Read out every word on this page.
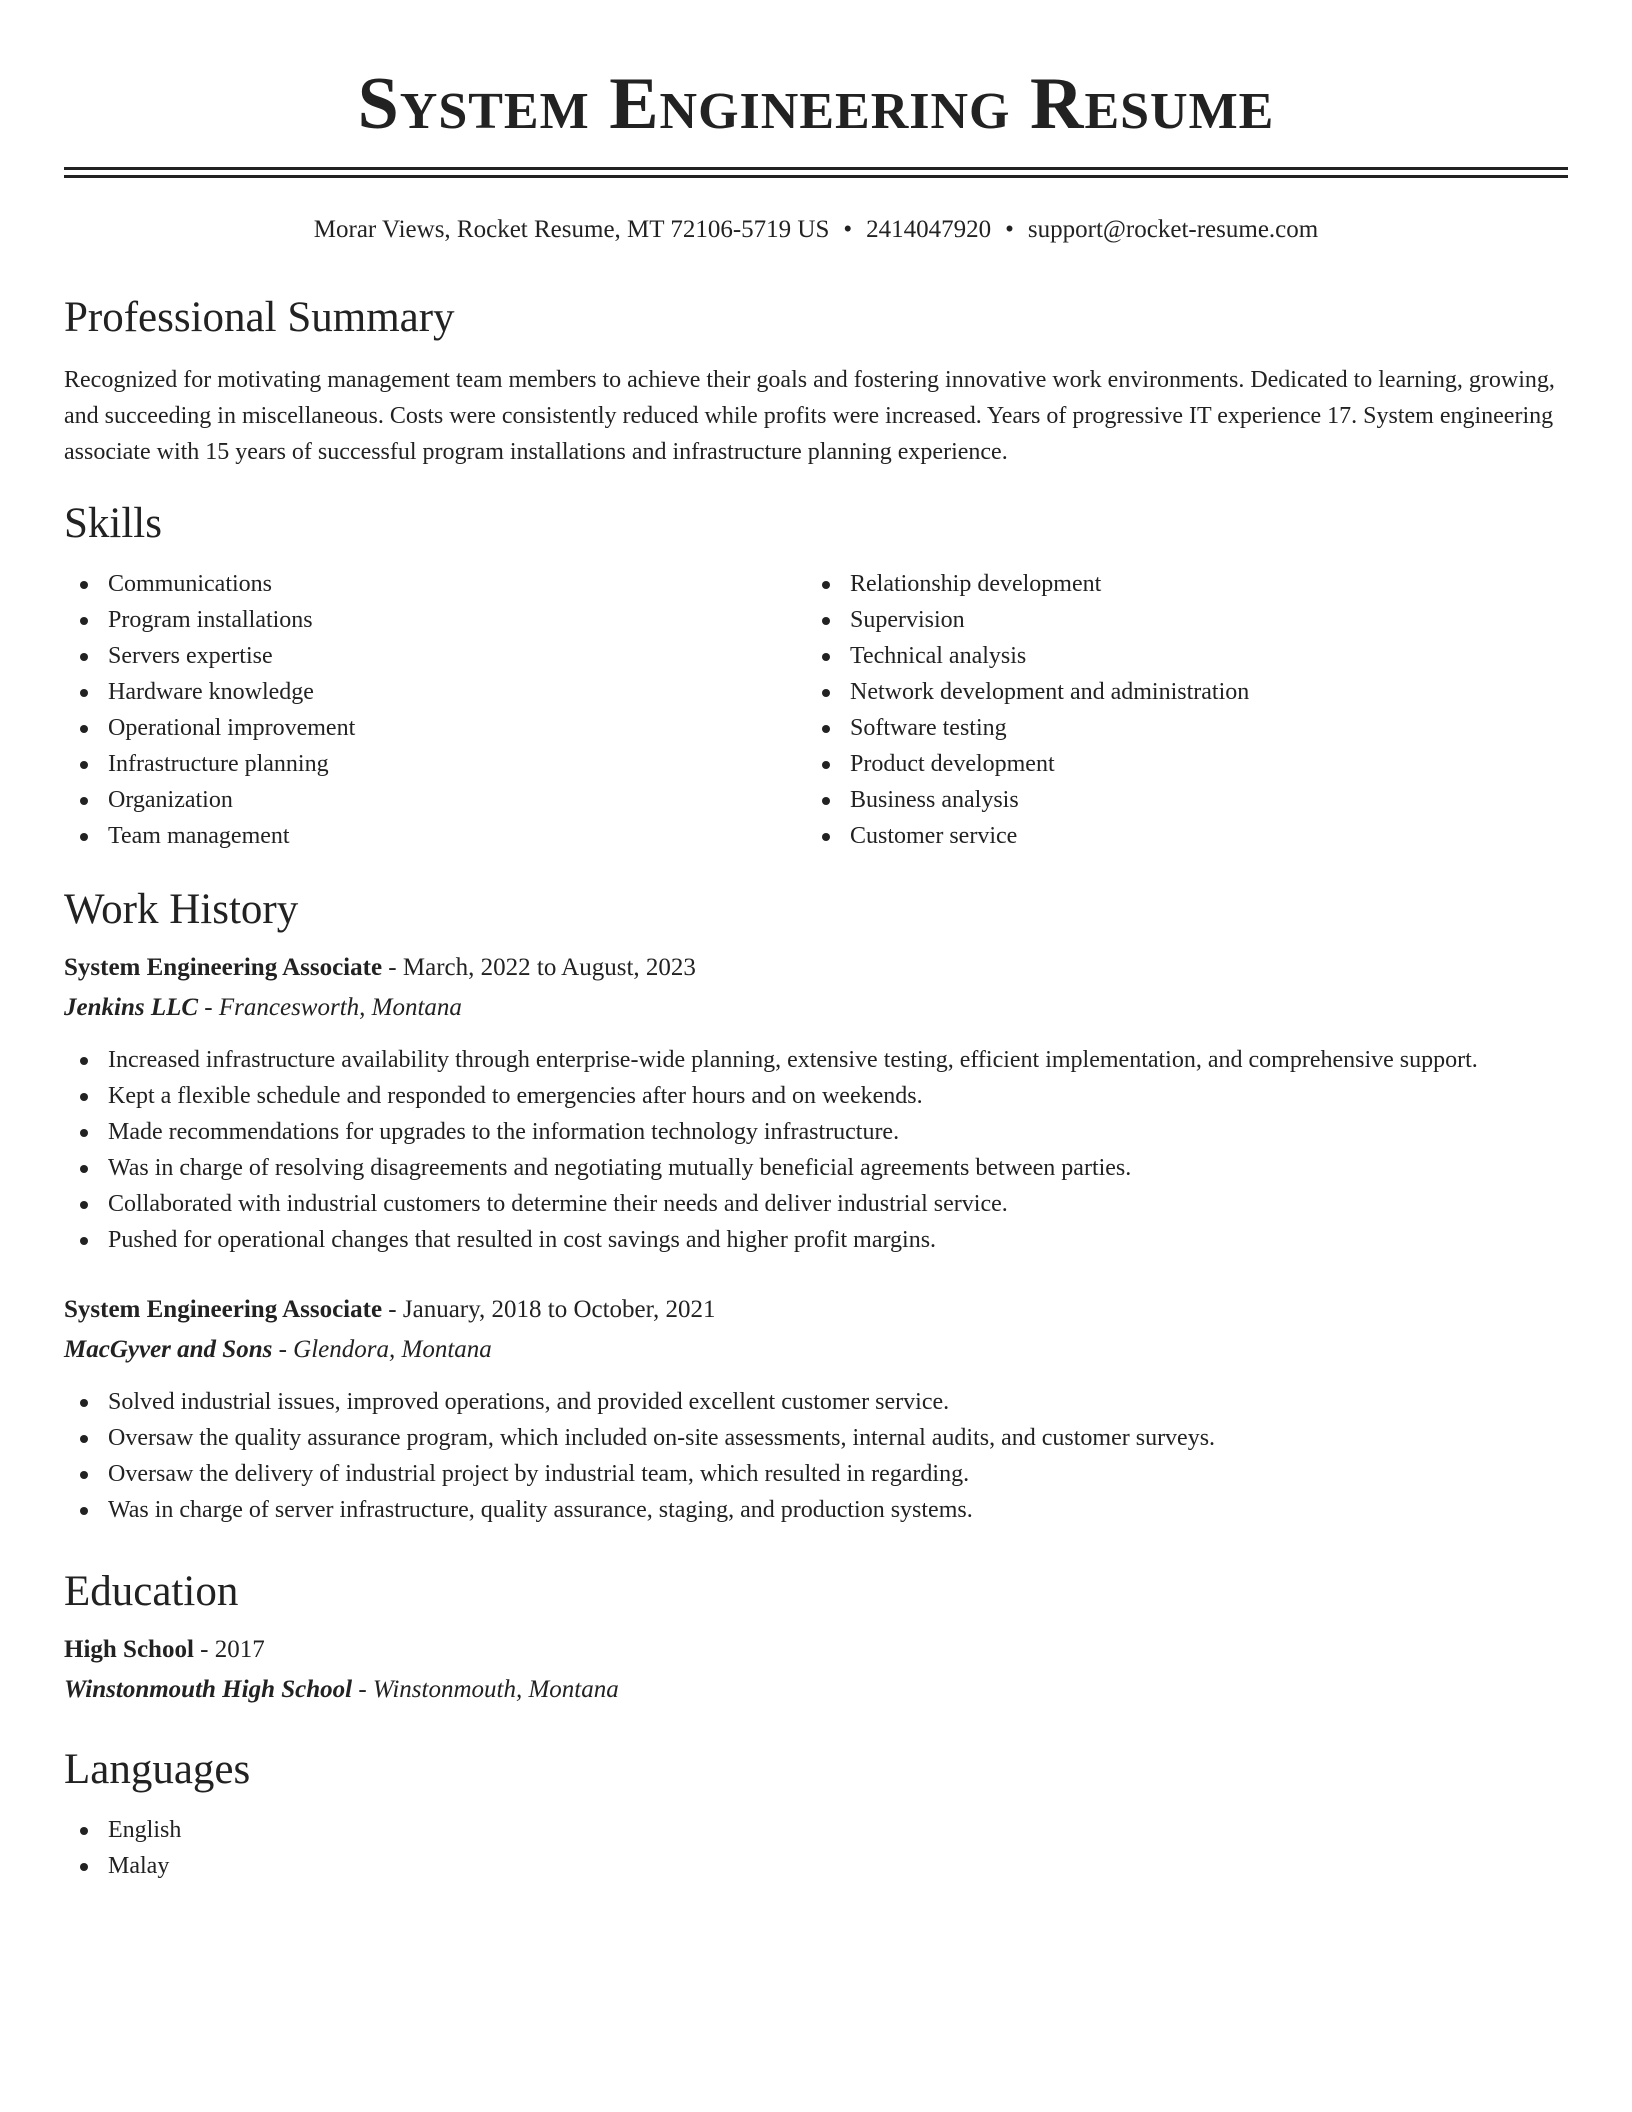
System Engineering Resume
Morar Views, Rocket Resume, MT 72106-5719 US • 2414047920 • support@rocket-resume.com
Professional Summary
Recognized for motivating management team members to achieve their goals and fostering innovative work environments. Dedicated to learning, growing, and succeeding in miscellaneous. Costs were consistently reduced while profits were increased. Years of progressive IT experience 17. System engineering associate with 15 years of successful program installations and infrastructure planning experience.
Skills
Communications
Program installations
Servers expertise
Hardware knowledge
Operational improvement
Infrastructure planning
Organization
Team management
Relationship development
Supervision
Technical analysis
Network development and administration
Software testing
Product development
Business analysis
Customer service
Work History
System Engineering Associate - March, 2022 to August, 2023
Jenkins LLC - Francesworth, Montana
Increased infrastructure availability through enterprise-wide planning, extensive testing, efficient implementation, and comprehensive support.
Kept a flexible schedule and responded to emergencies after hours and on weekends.
Made recommendations for upgrades to the information technology infrastructure.
Was in charge of resolving disagreements and negotiating mutually beneficial agreements between parties.
Collaborated with industrial customers to determine their needs and deliver industrial service.
Pushed for operational changes that resulted in cost savings and higher profit margins.
System Engineering Associate - January, 2018 to October, 2021
MacGyver and Sons - Glendora, Montana
Solved industrial issues, improved operations, and provided excellent customer service.
Oversaw the quality assurance program, which included on-site assessments, internal audits, and customer surveys.
Oversaw the delivery of industrial project by industrial team, which resulted in regarding.
Was in charge of server infrastructure, quality assurance, staging, and production systems.
Education
High School - 2017
Winstonmouth High School - Winstonmouth, Montana
Languages
English
Malay
